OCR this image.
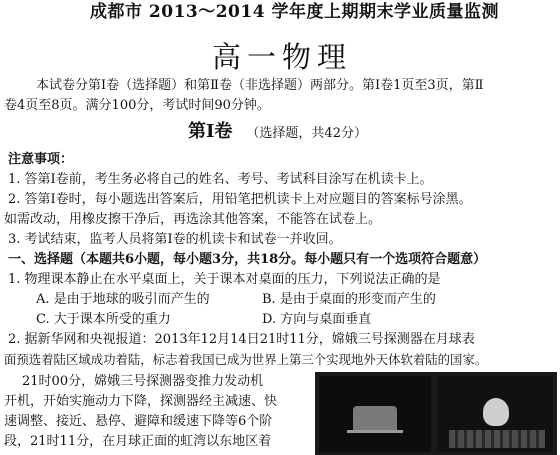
成都市 2013～2014 学年度上期期末学业质量监测
高一物理
本试卷分第Ⅰ卷（选择题）和第Ⅱ卷（非选择题）两部分。第Ⅰ卷1页至3页，第Ⅱ
卷4页至8页。满分100分，考试时间90分钟。
第Ⅰ卷 （选择题，共42分）
注意事项：
1. 答第Ⅰ卷前，考生务必将自己的姓名、考号、考试科目涂写在机读卡上。
2. 答第Ⅰ卷时，每小题选出答案后，用铅笔把机读卡上对应题目的答案标号涂黑。
如需改动，用橡皮擦干净后，再选涂其他答案，不能答在试卷上。
3. 考试结束，监考人员将第Ⅰ卷的机读卡和试卷一并收回。
一、选择题（本题共6小题，每小题3分，共18分。每小题只有一个选项符合题意）
1. 物理课本静止在水平桌面上，关于课本对桌面的压力，下列说法正确的是
A. 是由于地球的吸引而产生的	B. 是由于桌面的形变而产生的
C. 大于课本所受的重力	D. 方向与桌面垂直
2. 据新华网和央视报道：2013年12月14日21时11分，嫦娥三号探测器在月球表
面预选着陆区域成功着陆，标志着我国已成为世界上第三个实现地外天体软着陆的国家。
21时00分，嫦娥三号探测器变推力发动机
开机，开始实施动力下降，探测器经主减速、快
速调整、接近、悬停、避障和缓速下降等6个阶
段，21时11分，在月球正面的虹湾以东地区着
